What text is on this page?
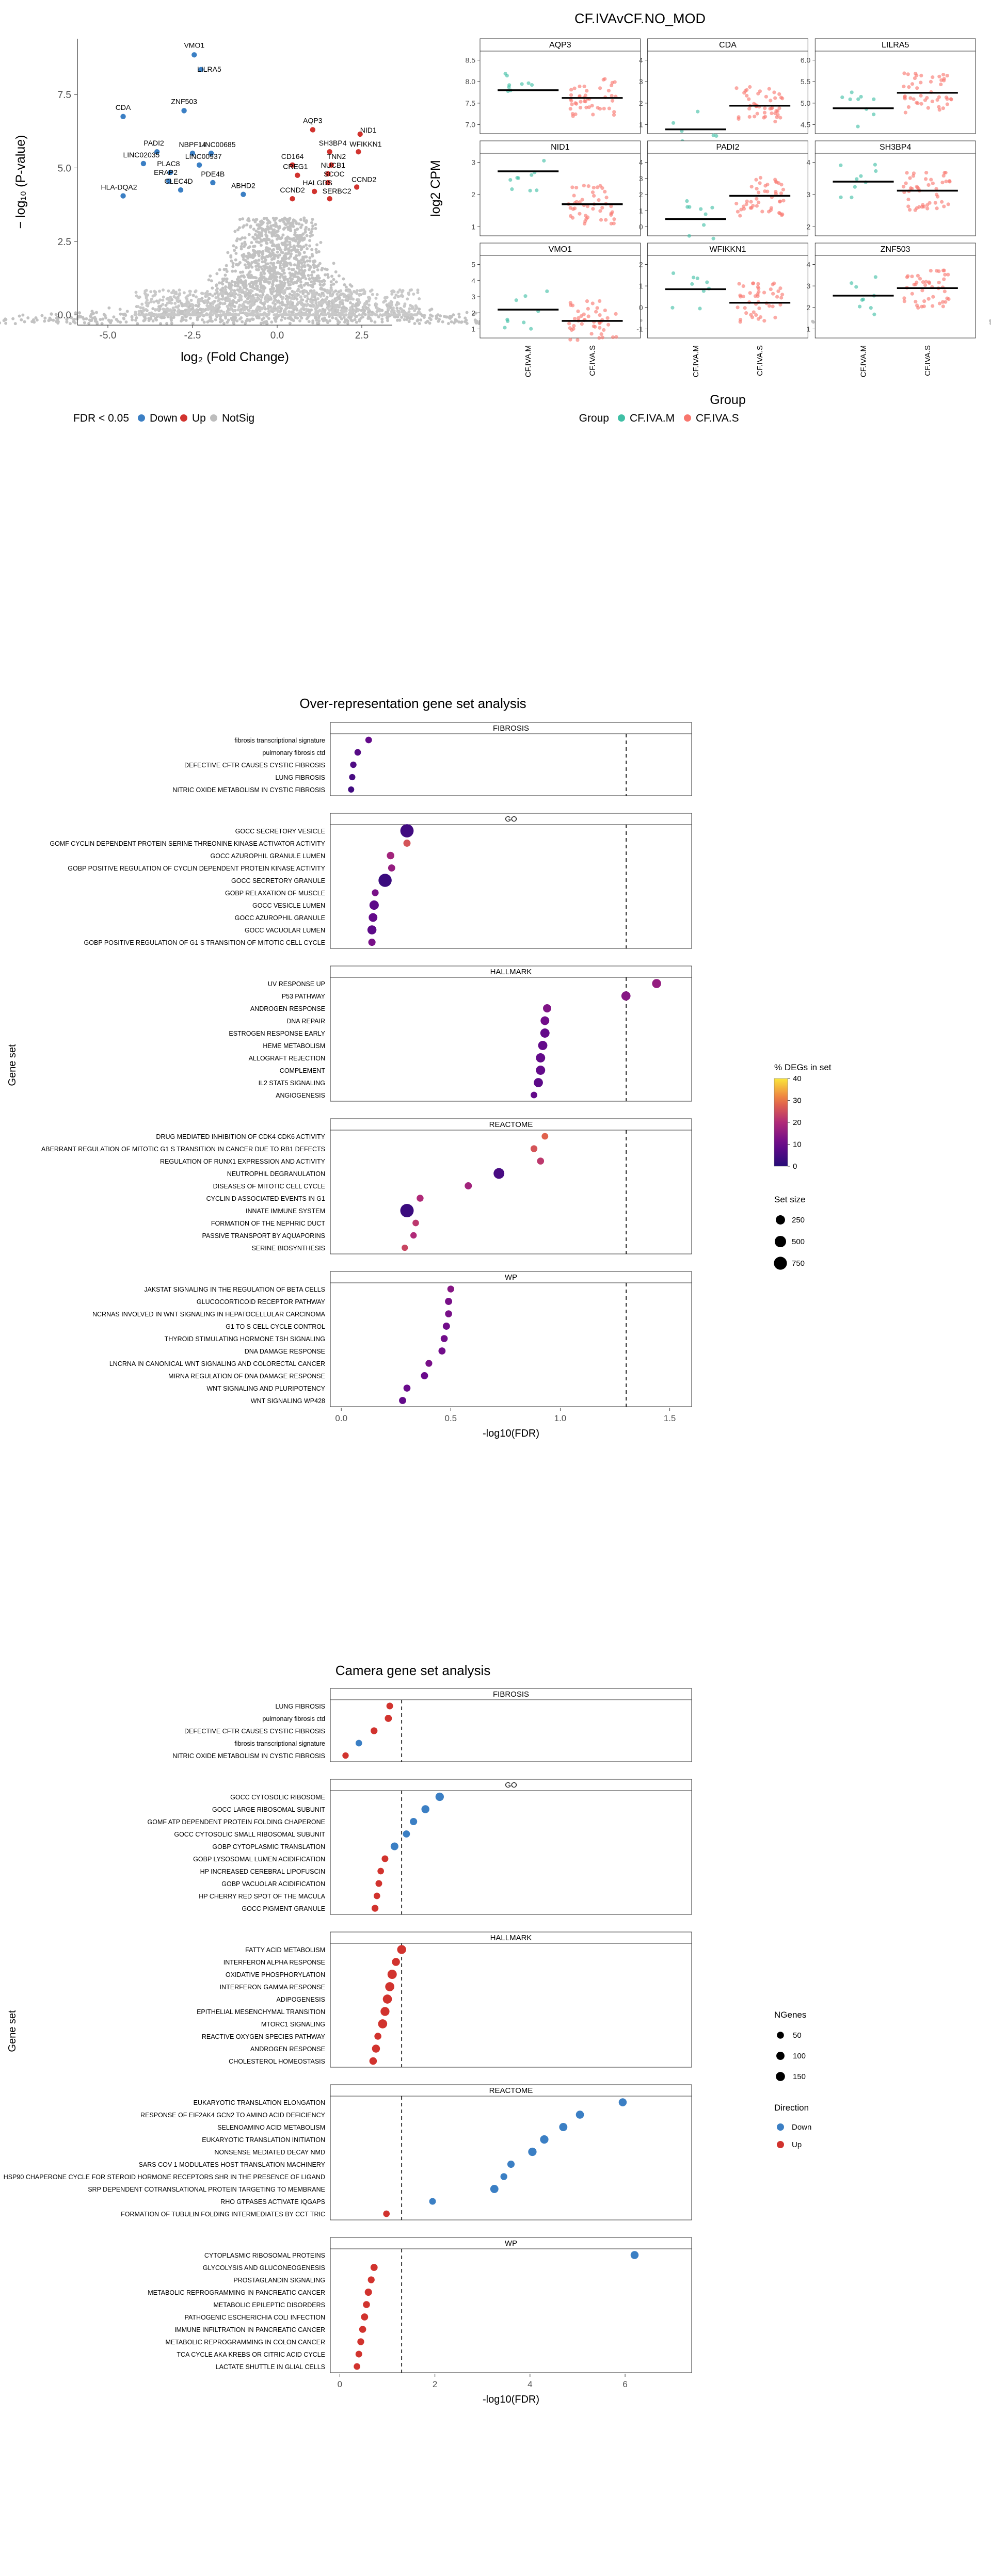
CF.IVAvCF.NO_MOD
VMO1
LILRA5
CDA
ZNF503
AQP3
NID1
PADI2 NBPF14
LINC00685	SH3BP4 WFIKKN1
LINC02035	LINC00937	CD164	TNN2
PLAC8	CREG1 NUCB1
ERAP2	PDE4B	SCOC
CLEC4D
ABHD2
CCND2
HLA-DQA2
HALGDS
CCND2 SERBC2
-5.0	-2.5	0.0	2.5
0.0
2.5
5.0
7.5
log₂ (Fold Change)
− log₁₀ (P-value)
FDR < 0.05 Down Up NotSig
AQP3
7.0
7.5
8.0
8.5
CDA
1
2
3
4
LILRA5
4.5
5.0
5.5
6.0
NID1
1
2
3
PADI2
0
1
2
3
4
SH3BP4
2
3
4
VMO1
1
2
3
4
5
CF.IVA.M	CF.IVA.S
WFIKKN1
-1
0
1
2
CF.IVA.M	CF.IVA.S
ZNF503
1
2
3
4
CF.IVA.M	CF.IVA.S
log2 CPM
Group
Group CF.IVA.M CF.IVA.S
Over-representation gene set analysis
FIBROSIS
fibrosis transcriptional signature
pulmonary fibrosis ctd
DEFECTIVE CFTR CAUSES CYSTIC FIBROSIS
LUNG FIBROSIS
NITRIC OXIDE METABOLISM IN CYSTIC FIBROSIS
GO
GOCC SECRETORY VESICLE
GOMF CYCLIN DEPENDENT PROTEIN SERINE THREONINE KINASE ACTIVATOR ACTIVITY
GOCC AZUROPHIL GRANULE LUMEN
GOBP POSITIVE REGULATION OF CYCLIN DEPENDENT PROTEIN KINASE ACTIVITY
GOCC SECRETORY GRANULE
GOBP RELAXATION OF MUSCLE
GOCC VESICLE LUMEN
GOCC AZUROPHIL GRANULE
GOCC VACUOLAR LUMEN
GOBP POSITIVE REGULATION OF G1 S TRANSITION OF MITOTIC CELL CYCLE
HALLMARK
UV RESPONSE UP
P53 PATHWAY
ANDROGEN RESPONSE
DNA REPAIR
ESTROGEN RESPONSE EARLY
HEME METABOLISM
ALLOGRAFT REJECTION
COMPLEMENT
IL2 STAT5 SIGNALING
ANGIOGENESIS
REACTOME
DRUG MEDIATED INHIBITION OF CDK4 CDK6 ACTIVITY
ABERRANT REGULATION OF MITOTIC G1 S TRANSITION IN CANCER DUE TO RB1 DEFECTS
REGULATION OF RUNX1 EXPRESSION AND ACTIVITY
NEUTROPHIL DEGRANULATION
DISEASES OF MITOTIC CELL CYCLE
CYCLIN D ASSOCIATED EVENTS IN G1
INNATE IMMUNE SYSTEM
FORMATION OF THE NEPHRIC DUCT
PASSIVE TRANSPORT BY AQUAPORINS
SERINE BIOSYNTHESIS
WP
JAKSTAT SIGNALING IN THE REGULATION OF BETA CELLS
GLUCOCORTICOID RECEPTOR PATHWAY
NCRNAS INVOLVED IN WNT SIGNALING IN HEPATOCELLULAR CARCINOMA
G1 TO S CELL CYCLE CONTROL
THYROID STIMULATING HORMONE TSH SIGNALING
DNA DAMAGE RESPONSE
LNCRNA IN CANONICAL WNT SIGNALING AND COLORECTAL CANCER
MIRNA REGULATION OF DNA DAMAGE RESPONSE
WNT SIGNALING AND PLURIPOTENCY
WNT SIGNALING WP428
0.0	0.5	1.0	1.5
-log10(FDR)
Gene set	% DEGs in set
0
10
20
30
40
Set size
250
500
750
Camera gene set analysis
FIBROSIS
LUNG FIBROSIS
pulmonary fibrosis ctd
DEFECTIVE CFTR CAUSES CYSTIC FIBROSIS
fibrosis transcriptional signature
NITRIC OXIDE METABOLISM IN CYSTIC FIBROSIS
GO
GOCC CYTOSOLIC RIBOSOME
GOCC LARGE RIBOSOMAL SUBUNIT
GOMF ATP DEPENDENT PROTEIN FOLDING CHAPERONE
GOCC CYTOSOLIC SMALL RIBOSOMAL SUBUNIT
GOBP CYTOPLASMIC TRANSLATION
GOBP LYSOSOMAL LUMEN ACIDIFICATION
HP INCREASED CEREBRAL LIPOFUSCIN
GOBP VACUOLAR ACIDIFICATION
HP CHERRY RED SPOT OF THE MACULA
GOCC PIGMENT GRANULE
HALLMARK
FATTY ACID METABOLISM
INTERFERON ALPHA RESPONSE
OXIDATIVE PHOSPHORYLATION
INTERFERON GAMMA RESPONSE
ADIPOGENESIS
EPITHELIAL MESENCHYMAL TRANSITION
MTORC1 SIGNALING
REACTIVE OXYGEN SPECIES PATHWAY
ANDROGEN RESPONSE
CHOLESTEROL HOMEOSTASIS
REACTOME
EUKARYOTIC TRANSLATION ELONGATION
RESPONSE OF EIF2AK4 GCN2 TO AMINO ACID DEFICIENCY
SELENOAMINO ACID METABOLISM
EUKARYOTIC TRANSLATION INITIATION
NONSENSE MEDIATED DECAY NMD
SARS COV 1 MODULATES HOST TRANSLATION MACHINERY
HSP90 CHAPERONE CYCLE FOR STEROID HORMONE RECEPTORS SHR IN THE PRESENCE OF LIGAND
SRP DEPENDENT COTRANSLATIONAL PROTEIN TARGETING TO MEMBRANE
RHO GTPASES ACTIVATE IQGAPS
FORMATION OF TUBULIN FOLDING INTERMEDIATES BY CCT TRIC
WP
CYTOPLASMIC RIBOSOMAL PROTEINS
GLYCOLYSIS AND GLUCONEOGENESIS
PROSTAGLANDIN SIGNALING
METABOLIC REPROGRAMMING IN PANCREATIC CANCER
METABOLIC EPILEPTIC DISORDERS
PATHOGENIC ESCHERICHIA COLI INFECTION
IMMUNE INFILTRATION IN PANCREATIC CANCER
METABOLIC REPROGRAMMING IN COLON CANCER
TCA CYCLE AKA KREBS OR CITRIC ACID CYCLE
LACTATE SHUTTLE IN GLIAL CELLS
0	2	4	6
-log10(FDR)
Gene set	NGenes
50
100
150
Direction
Down
Up
